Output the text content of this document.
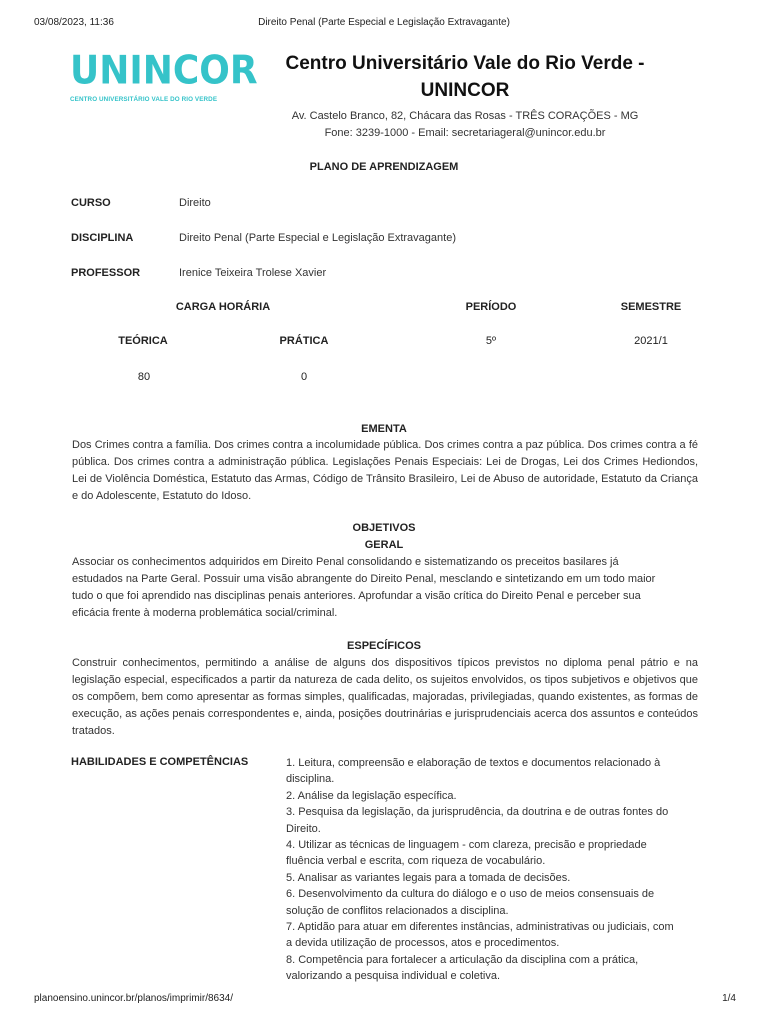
03/08/2023, 11:36	Direito Penal (Parte Especial e Legislação Extravagante)
UNINCOR
CENTRO UNIVERSITÁRIO VALE DO RIO VERDE
Centro Universitário Vale do Rio Verde -
UNINCOR
Av. Castelo Branco, 82, Chácara das Rosas - TRÊS CORAÇÕES - MG
Fone: 3239-1000 - Email: secretariageral@unincor.edu.br
PLANO DE APRENDIZAGEM
CURSO	Direito
DISCIPLINA	Direito Penal (Parte Especial e Legislação Extravagante)
PROFESSOR	Irenice Teixeira Trolese Xavier
CARGA HORÁRIA	PERÍODO	SEMESTRE
TEÓRICA	PRÁTICA	5º	2021/1
80	0
EMENTA
Dos Crimes contra a família. Dos crimes contra a incolumidade pública. Dos crimes contra a paz pública. Dos crimes contra a fé pública. Dos crimes contra a administração pública. Legislações Penais Especiais: Lei de Drogas, Lei dos Crimes Hediondos, Lei de Violência Doméstica, Estatuto das Armas, Código de Trânsito Brasileiro, Lei de Abuso de autoridade, Estatuto da Criança e do Adolescente, Estatuto do Idoso.
OBJETIVOS
GERAL
Associar os conhecimentos adquiridos em Direito Penal consolidando e sistematizando os preceitos basilares já
estudados na Parte Geral. Possuir uma visão abrangente do Direito Penal, mesclando e sintetizando em um todo maior
tudo o que foi aprendido nas disciplinas penais anteriores. Aprofundar a visão crítica do Direito Penal e perceber sua
eficácia frente à moderna problemática social/criminal.
ESPECÍFICOS
Construir conhecimentos, permitindo a análise de alguns dos dispositivos típicos previstos no diploma penal pátrio e na legislação especial, especificados a partir da natureza de cada delito, os sujeitos envolvidos, os tipos subjetivos e objetivos que os compõem, bem como apresentar as formas simples, qualificadas, majoradas, privilegiadas, quando existentes, as formas de execução, as ações penais correspondentes e, ainda, posições doutrinárias e jurisprudenciais acerca dos assuntos e conteúdos tratados.
HABILIDADES E COMPETÊNCIAS	1. Leitura, compreensão e elaboração de textos e documentos relacionado à
disciplina.
2. Análise da legislação específica.
3. Pesquisa da legislação, da jurisprudência, da doutrina e de outras fontes do
Direito.
4. Utilizar as técnicas de linguagem - com clareza, precisão e propriedade
fluência verbal e escrita, com riqueza de vocabulário.
5. Analisar as variantes legais para a tomada de decisões.
6. Desenvolvimento da cultura do diálogo e o uso de meios consensuais de
solução de conflitos relacionados a disciplina.
7. Aptidão para atuar em diferentes instâncias, administrativas ou judiciais, com
a devida utilização de processos, atos e procedimentos.
8. Competência para fortalecer a articulação da disciplina com a prática,
valorizando a pesquisa individual e coletiva.
planoensino.unincor.br/planos/imprimir/8634/	1/4
